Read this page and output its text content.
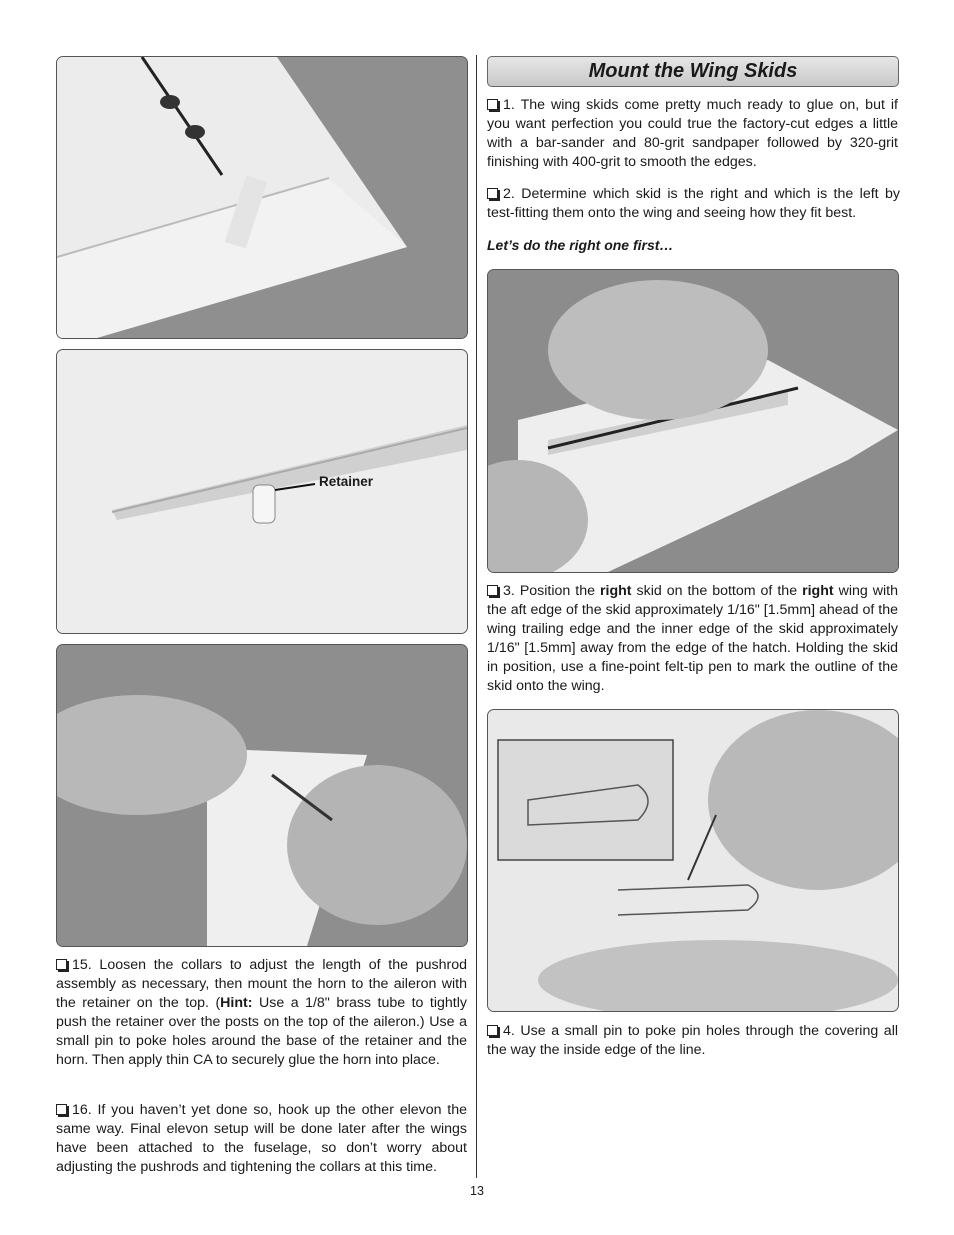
Retainer

15. Loosen the collars to adjust the length of the pushrod assembly as necessary, then mount the horn to the aileron with the retainer on the top. (Hint: Use a 1/8" brass tube to tightly push the retainer over the posts on the top of the aileron.) Use a small pin to poke holes around the base of the retainer and the horn. Then apply thin CA to securely glue the horn into place.

16. If you haven’t yet done so, hook up the other elevon the same way. Final elevon setup will be done later after the wings have been attached to the fuselage, so don’t worry about adjusting the pushrods and tightening the collars at this time.

Mount the Wing Skids

1. The wing skids come pretty much ready to glue on, but if you want perfection you could true the factory-cut edges a little with a bar-sander and 80-grit sandpaper followed by 320-grit finishing with 400-grit to smooth the edges.

2. Determine which skid is the right and which is the left by test-fitting them onto the wing and seeing how they fit best.

Let’s do the right one first…

3. Position the right skid on the bottom of the right wing with the aft edge of the skid approximately 1/16" [1.5mm] ahead of the wing trailing edge and the inner edge of the skid approximately 1/16" [1.5mm] away from the edge of the hatch. Holding the skid in position, use a fine-point felt-tip pen to mark the outline of the skid onto the wing.

4. Use a small pin to poke pin holes through the covering all the way the inside edge of the line.

13
